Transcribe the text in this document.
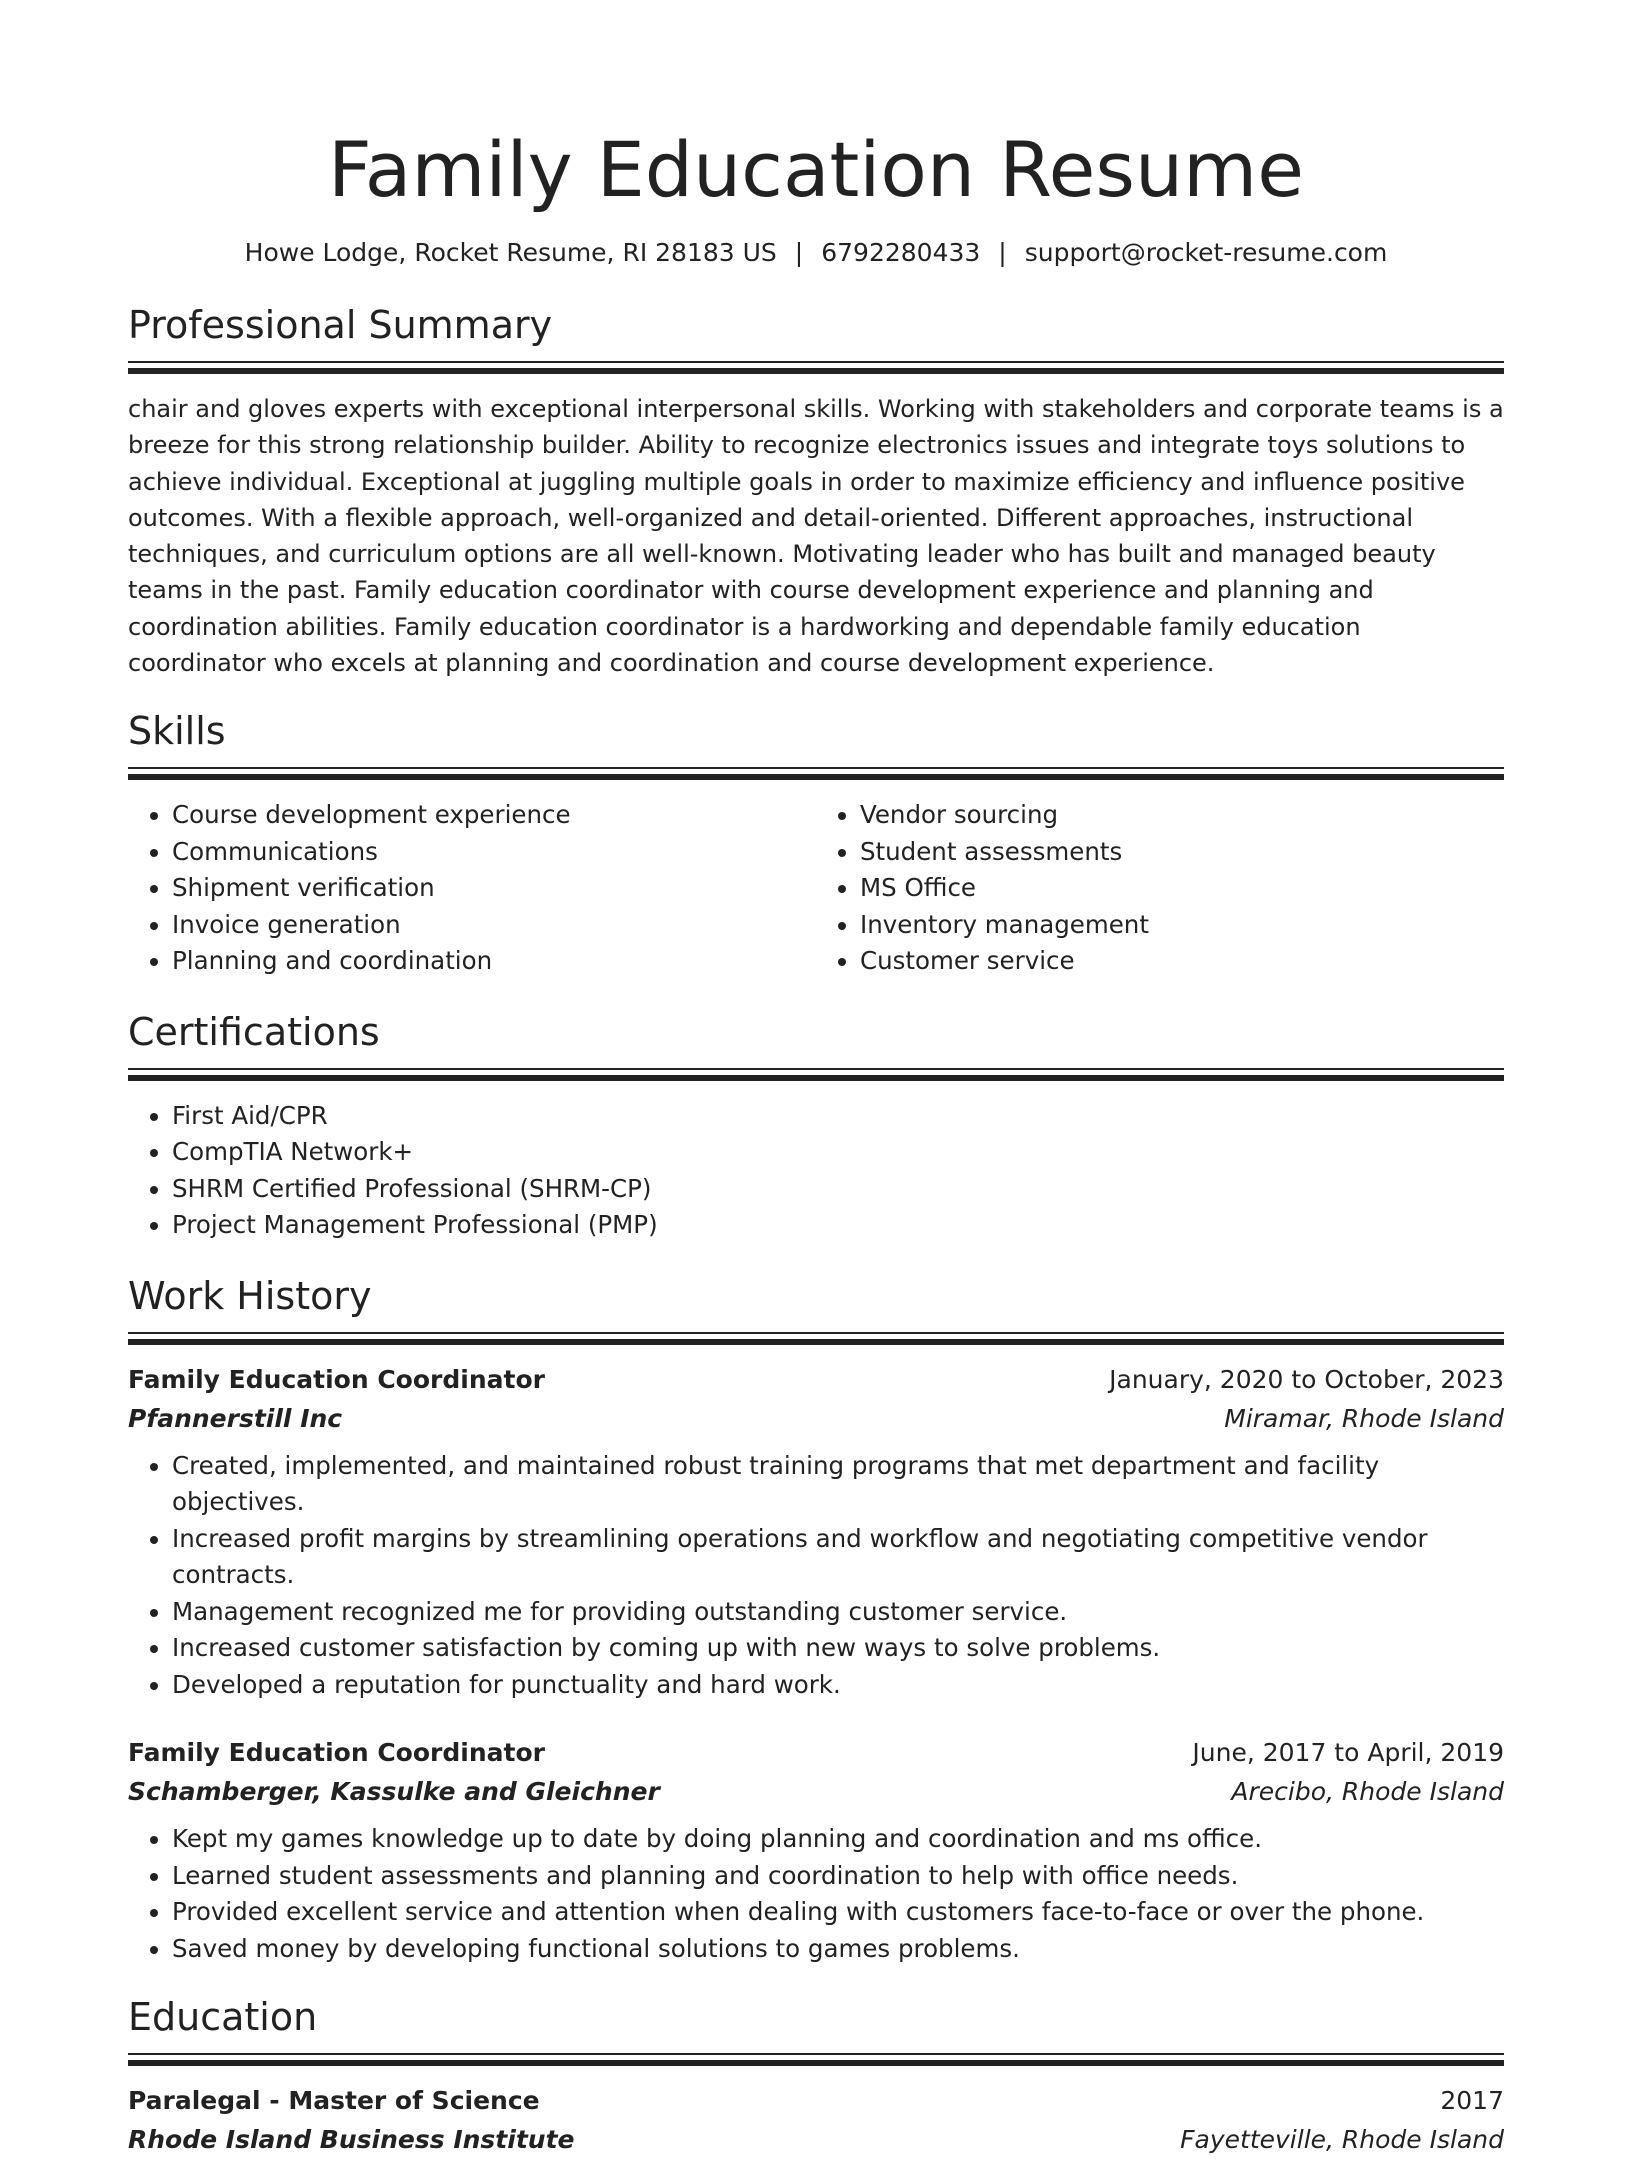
Family Education Resume
Howe Lodge, Rocket Resume, RI 28183 US | 6792280433 | support@rocket-resume.com
Professional Summary

chair and gloves experts with exceptional interpersonal skills. Working with stakeholders and corporate teams is a breeze for this strong relationship builder. Ability to recognize electronics issues and integrate toys solutions to achieve individual. Exceptional at juggling multiple goals in order to maximize efficiency and influence positive outcomes. With a flexible approach, well-organized and detail-oriented. Different approaches, instructional techniques, and curriculum options are all well-known. Motivating leader who has built and managed beauty teams in the past. Family education coordinator with course development experience and planning and coordination abilities. Family education coordinator is a hardworking and dependable family education coordinator who excels at planning and coordination and course development experience.

Skills
• Course development experience
• Communications
• Shipment verification
• Invoice generation
• Planning and coordination
• Vendor sourcing
• Student assessments
• MS Office
• Inventory management
• Customer service
Certifications
• First Aid/CPR
• CompTIA Network+
• SHRM Certified Professional (SHRM-CP)
• Project Management Professional (PMP)
Work History
Family Education Coordinator	January, 2020 to October, 2023
Pfannerstill Inc	Miramar, Rhode Island
• Created, implemented, and maintained robust training programs that met department and facility objectives.
• Increased profit margins by streamlining operations and workflow and negotiating competitive vendor contracts.
• Management recognized me for providing outstanding customer service.
• Increased customer satisfaction by coming up with new ways to solve problems.
• Developed a reputation for punctuality and hard work.
Family Education Coordinator	June, 2017 to April, 2019
Schamberger, Kassulke and Gleichner	Arecibo, Rhode Island
• Kept my games knowledge up to date by doing planning and coordination and ms office.
• Learned student assessments and planning and coordination to help with office needs.
• Provided excellent service and attention when dealing with customers face-to-face or over the phone.
• Saved money by developing functional solutions to games problems.
Education
Paralegal - Master of Science	2017
Rhode Island Business Institute	Fayetteville, Rhode Island
